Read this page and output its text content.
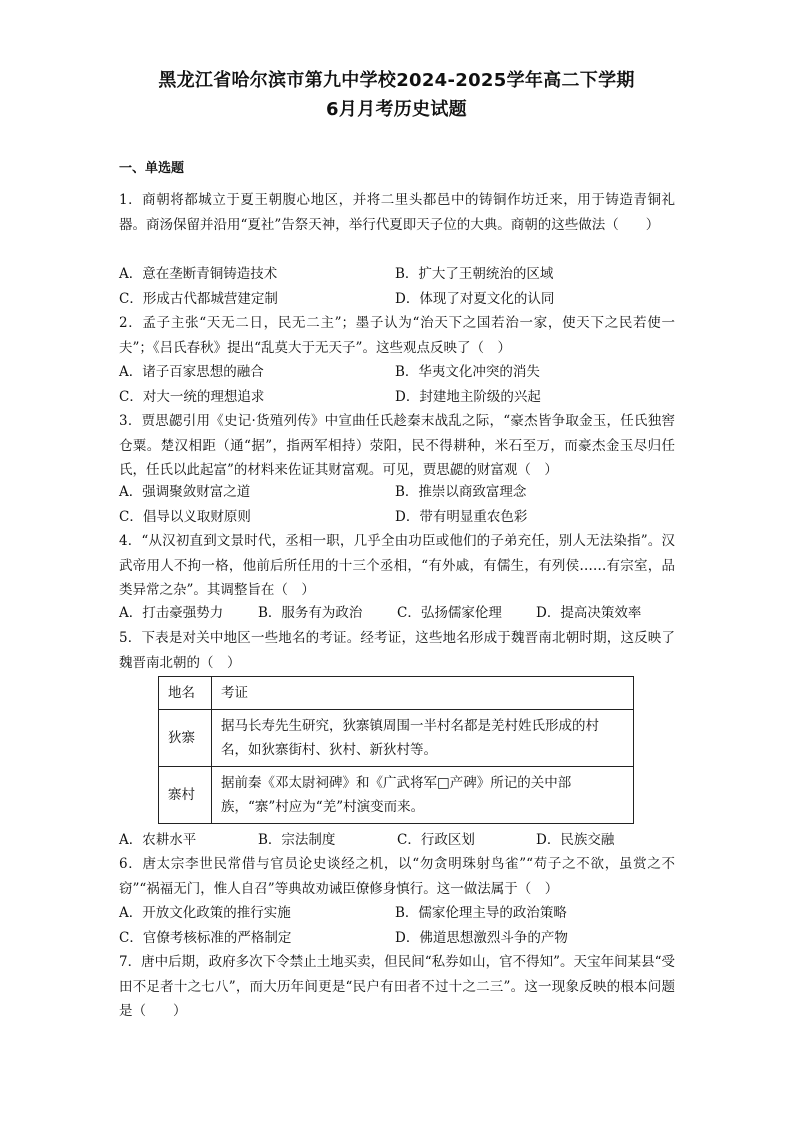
黑龙江省哈尔滨市第九中学校2024-2025学年高二下学期
6月月考历史试题
一、单选题
1．商朝将都城立于夏王朝腹心地区，并将二里头都邑中的铸铜作坊迁来，用于铸造青铜礼器。商汤保留并沿用“夏社”告祭天神，举行代夏即天子位的大典。商朝的这些做法（　　）
A．意在垄断青铜铸造技术	B．扩大了王朝统治的区域
C．形成古代都城营建定制	D．体现了对夏文化的认同
2．孟子主张“天无二日，民无二主”；墨子认为“治天下之国若治一家，使天下之民若使一夫”；《吕氏春秋》提出“乱莫大于无天子”。这些观点反映了（　）
A．诸子百家思想的融合	B．华夷文化冲突的消失
C．对大一统的理想追求	D．封建地主阶级的兴起
3．贾思勰引用《史记·货殖列传》中宣曲任氏趁秦末战乱之际，“豪杰皆争取金玉，任氏独窖仓粟。楚汉相距（通“据”，指两军相持）荥阳，民不得耕种，米石至万，而豪杰金玉尽归任氏，任氏以此起富”的材料来佐证其财富观。可见，贾思勰的财富观（　）
A．强调聚敛财富之道	B．推崇以商致富理念
C．倡导以义取财原则	D．带有明显重农色彩
4．“从汉初直到文景时代，丞相一职，几乎全由功臣或他们的子弟充任，别人无法染指”。汉武帝用人不拘一格，他前后所任用的十三个丞相，“有外戚，有儒生，有列侯……有宗室，品类异常之杂”。其调整旨在（　）
A．打击豪强势力	B．服务有为政治	C．弘扬儒家伦理	D．提高决策效率
5．下表是对关中地区一些地名的考证。经考证，这些地名形成于魏晋南北朝时期，这反映了魏晋南北朝的（　）
地名	考证
狄寨	据马长寿先生研究，狄寨镇周围一半村名都是羌村姓氏形成的村名，如狄寨街村、狄村、新狄村等。
寨村	据前秦《邓太尉祠碑》和《广武将军□产碑》所记的关中部族，“寨”村应为“羌”村演变而来。
A．农耕水平	B．宗法制度	C．行政区划	D．民族交融
6．唐太宗李世民常借与官员论史谈经之机，以“勿贪明珠射鸟雀”“苟子之不欲，虽赏之不窃”“祸福无门，惟人自召”等典故劝诫臣僚修身慎行。这一做法属于（　）
A．开放文化政策的推行实施	B．儒家伦理主导的政治策略
C．官僚考核标准的严格制定	D．佛道思想激烈斗争的产物
7．唐中后期，政府多次下令禁止土地买卖，但民间“私券如山，官不得知”。天宝年间某县“受田不足者十之七八”，而大历年间更是“民户有田者不过十之二三”。这一现象反映的根本问题是（　　）
